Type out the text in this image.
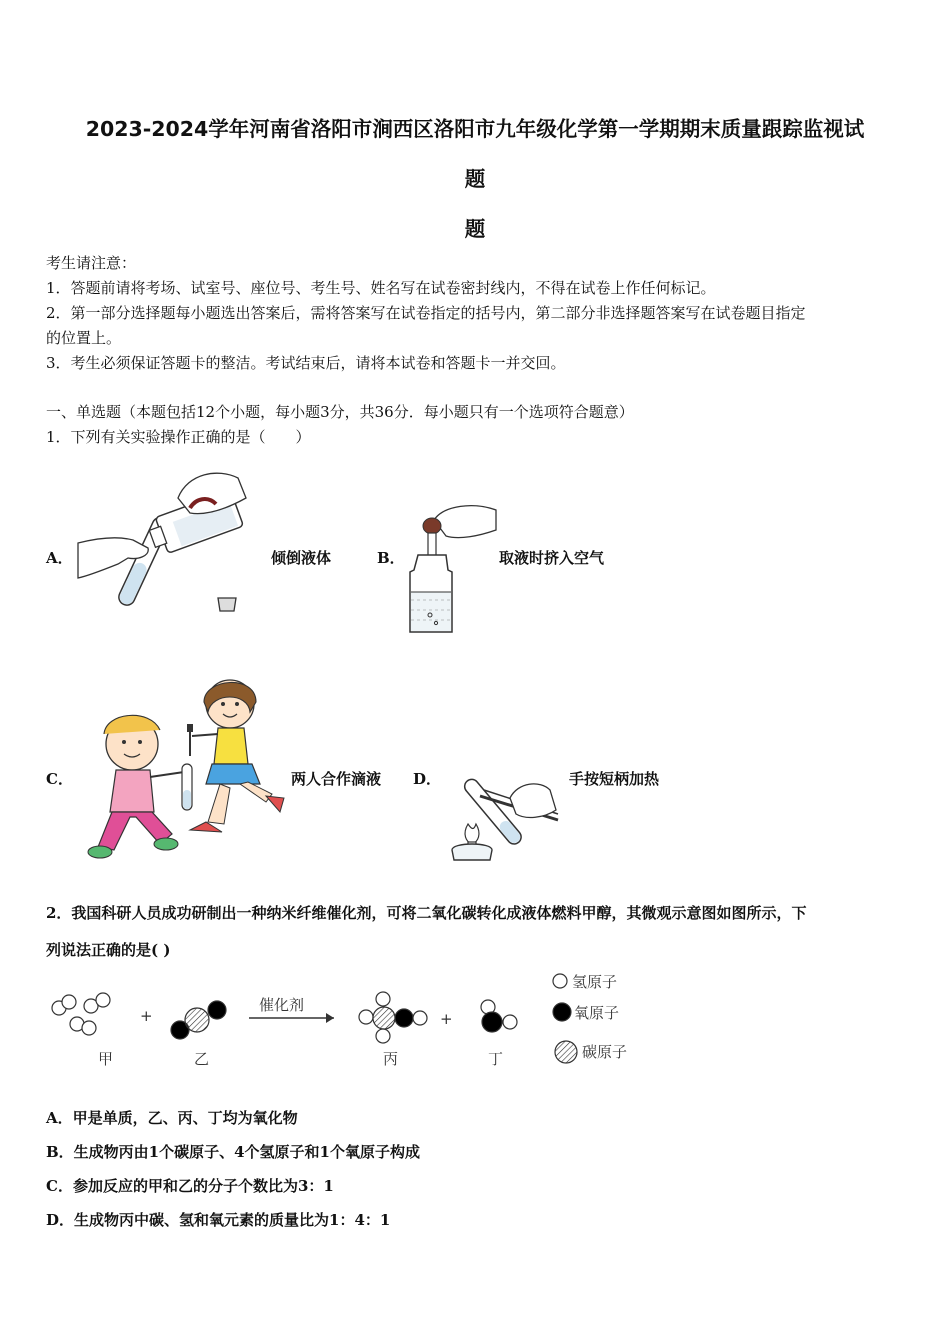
2023-2024学年河南省洛阳市涧西区洛阳市九年级化学第一学期期末质量跟踪监视试
题
题
考生请注意：
1．答题前请将考场、试室号、座位号、考生号、姓名写在试卷密封线内，不得在试卷上作任何标记。
2．第一部分选择题每小题选出答案后，需将答案写在试卷指定的括号内，第二部分非选择题答案写在试卷题目指定
的位置上。
3．考生必须保证答题卡的整洁。考试结束后，请将本试卷和答题卡一并交回。
一、单选题（本题包括12个小题，每小题3分，共36分．每小题只有一个选项符合题意）
1．下列有关实验操作正确的是（　　）
A．	倾倒液体	B．	取液时挤入空气
C．	两人合作滴液 D．	手按短柄加热
2．我国科研人员成功研制出一种纳米纤维催化剂，可将二氧化碳转化成液体燃料甲醇，其微观示意图如图所示，下
列说法正确的是( )
+
催化剂
+
甲	乙	丙	丁
氢原子
氧原子
碳原子
A．甲是单质，乙、丙、丁均为氧化物
B．生成物丙由1个碳原子、4个氢原子和1个氧原子构成
C．参加反应的甲和乙的分子个数比为3：1
D．生成物丙中碳、氢和氧元素的质量比为1：4：1
